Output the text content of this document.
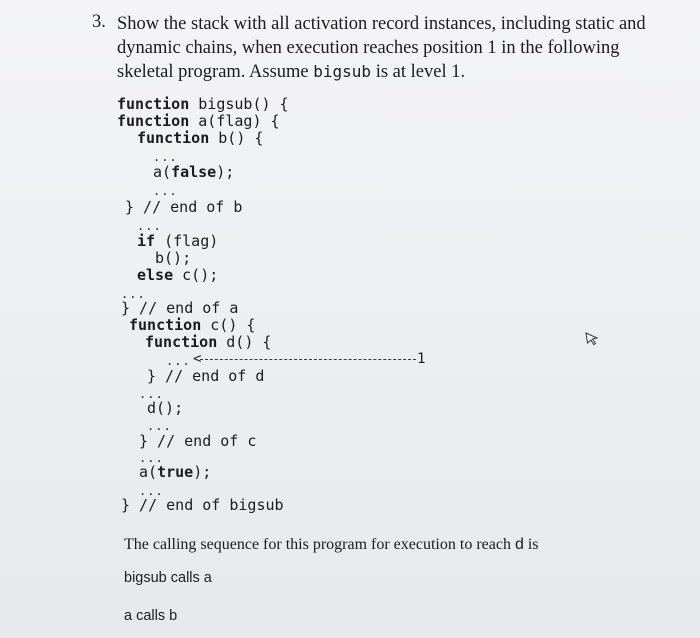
3. Show the stack with all activation record instances, including static and dynamic chains, when execution reaches position 1 in the following skeletal program. Assume bigsub is at level 1.
function bigsub() {
function a(flag) {
function b() {
...
a(false);
...
} // end of b
...
if (flag)
b();
else c();
...
} // end of a
function c() {
function d() {
... <	1
} // end of d
...
d();
...
} // end of c
...
a(true);
...
} // end of bigsub
The calling sequence for this program for execution to reach d is
bigsub calls a
a calls b
